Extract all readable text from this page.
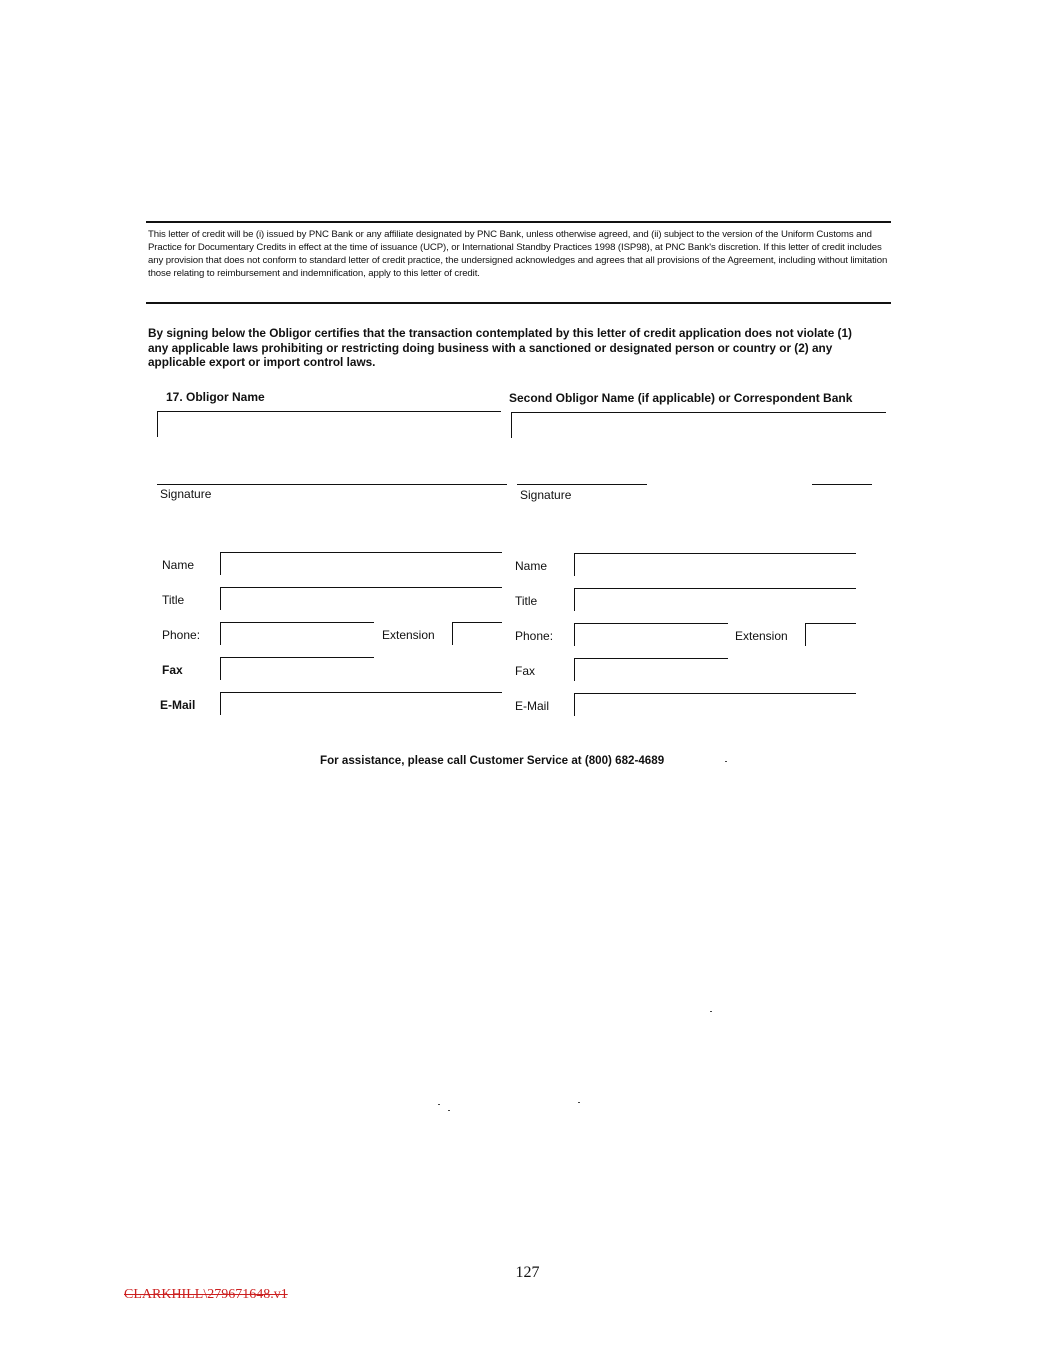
This letter of credit will be (i) issued by PNC Bank or any affiliate designated by PNC Bank, unless otherwise agreed, and (ii) subject to the version of the Uniform Customs and Practice for Documentary Credits in effect at the time of issuance (UCP), or International Standby Practices 1998 (ISP98), at PNC Bank's discretion. If this letter of credit includes any provision that does not conform to standard letter of credit practice, the undersigned acknowledges and agrees that all provisions of the Agreement, including without limitation those relating to reimbursement and indemnification, apply to this letter of credit.
By signing below the Obligor certifies that the transaction contemplated by this letter of credit application does not violate (1) any applicable laws prohibiting or restricting doing business with a sanctioned or designated person or country or (2) any applicable export or import control laws.
17. Obligor Name	Second Obligor Name (if applicable) or Correspondent Bank
Signature	Signature
Name
Title
Phone:	Extension
Fax
E-Mail
Name
Title
Phone:	Extension
Fax
E-Mail
For assistance, please call Customer Service at (800) 682-4689
127
CLARKHILL\279671648.v1
